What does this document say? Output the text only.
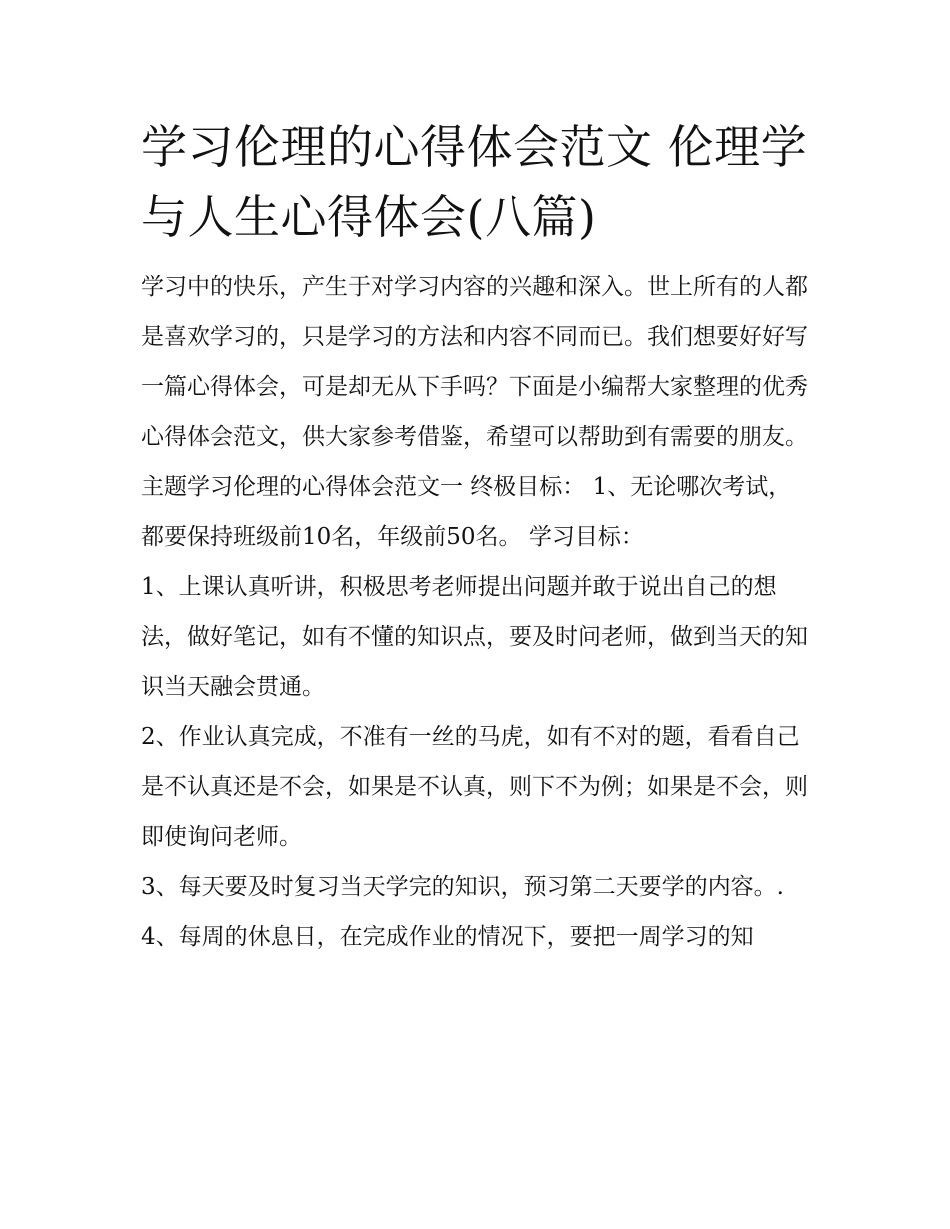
学习伦理的心得体会范文 伦理学与人生心得体会(八篇)

学习中的快乐，产生于对学习内容的兴趣和深入。世上所有的人都是喜欢学习的，只是学习的方法和内容不同而已。我们想要好好写一篇心得体会，可是却无从下手吗？下面是小编帮大家整理的优秀心得体会范文，供大家参考借鉴，希望可以帮助到有需要的朋友。

主题学习伦理的心得体会范文一 终极目标： 1、无论哪次考试，都要保持班级前10名，年级前50名。 学习目标：

1、上课认真听讲，积极思考老师提出问题并敢于说出自己的想法，做好笔记，如有不懂的知识点，要及时问老师，做到当天的知识当天融会贯通。

2、作业认真完成，不准有一丝的马虎，如有不对的题，看看自己是不认真还是不会，如果是不认真，则下不为例；如果是不会，则即使询问老师。

3、每天要及时复习当天学完的知识，预习第二天要学的内容。.

4、每周的休息日，在完成作业的情况下，要把一周学习的知
